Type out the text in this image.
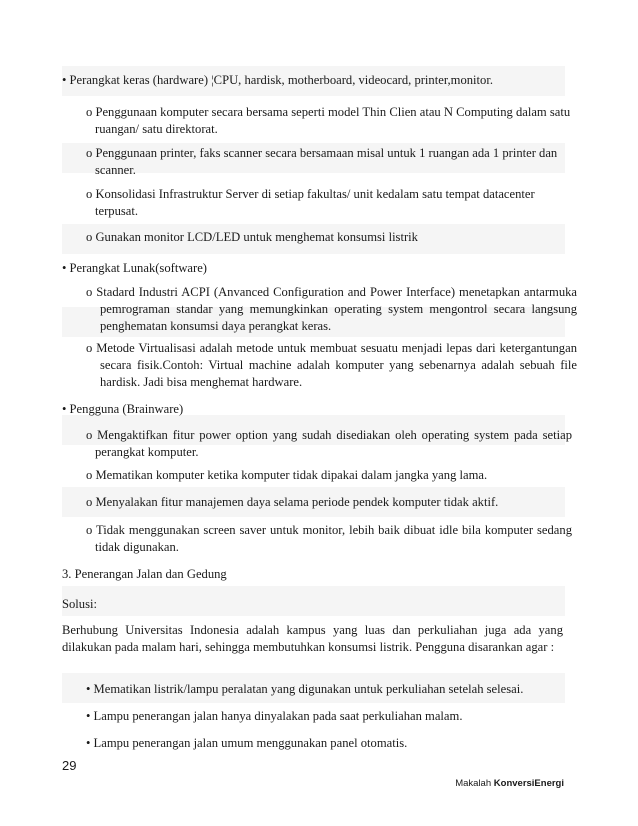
• Perangkat keras (hardware) ¦CPU, hardisk, motherboard, videocard, printer,monitor.
o Penggunaan komputer secara bersama seperti model Thin Clien atau N Computing dalam satu ruangan/ satu direktorat.
o Penggunaan printer, faks scanner secara bersamaan misal untuk 1 ruangan ada 1 printer dan scanner.
o Konsolidasi Infrastruktur Server di setiap fakultas/ unit kedalam satu tempat datacenter terpusat.
o Gunakan monitor LCD/LED untuk menghemat konsumsi listrik
• Perangkat Lunak(software)
o Stadard Industri ACPI (Anvanced Configuration and Power Interface) menetapkan antarmuka pemrograman standar yang memungkinkan operating system mengontrol secara langsung penghematan konsumsi daya perangkat keras.
o Metode Virtualisasi adalah metode untuk membuat sesuatu menjadi lepas dari ketergantungan secara fisik.Contoh: Virtual machine adalah komputer yang sebenarnya adalah sebuah file hardisk. Jadi bisa menghemat hardware.
• Pengguna (Brainware)
o Mengaktifkan fitur power option yang sudah disediakan oleh operating system pada setiap perangkat komputer.
o Mematikan komputer ketika komputer tidak dipakai dalam jangka yang lama.
o Menyalakan fitur manajemen daya selama periode pendek komputer tidak aktif.
o Tidak menggunakan screen saver untuk monitor, lebih baik dibuat idle bila komputer sedang tidak digunakan.
3. Penerangan Jalan dan Gedung
Solusi:
Berhubung Universitas Indonesia adalah kampus yang luas dan perkuliahan juga ada yang dilakukan pada malam hari, sehingga membutuhkan konsumsi listrik. Pengguna disarankan agar :
• Mematikan listrik/lampu peralatan yang digunakan untuk perkuliahan setelah selesai.
• Lampu penerangan jalan hanya dinyalakan pada saat perkuliahan malam.
• Lampu penerangan jalan umum menggunakan panel otomatis.
29
Makalah KonversiEnergi
